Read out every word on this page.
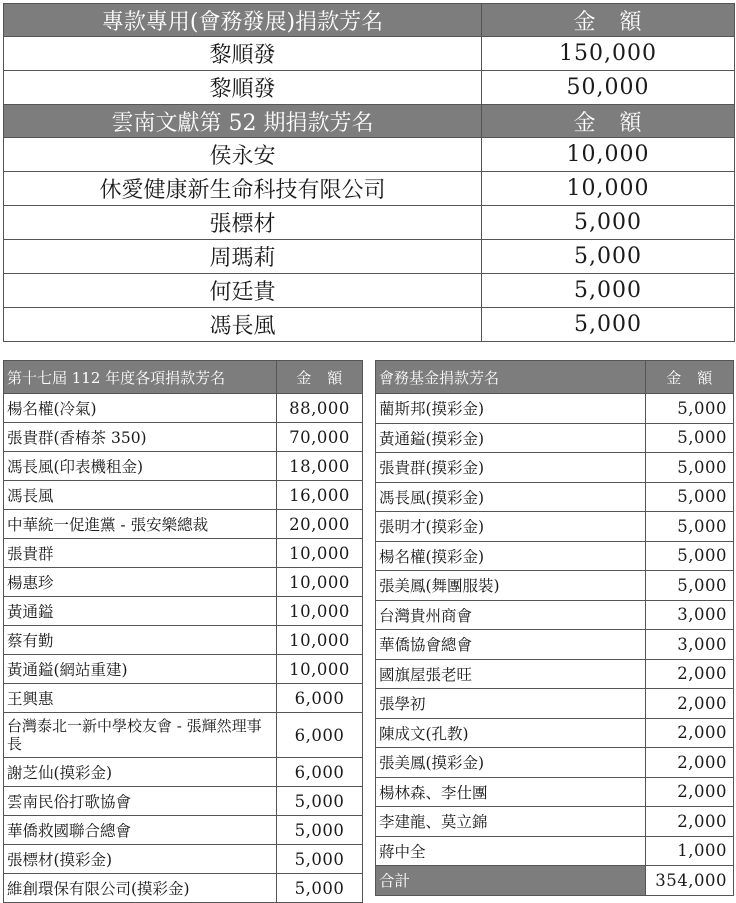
專款專用(會務發展)捐款芳名	金　額
黎順發	150,000
黎順發	50,000
雲南文獻第 52 期捐款芳名	金　額
侯永安	10,000
休愛健康新生命科技有限公司	10,000
張標材	5,000
周瑪莉	5,000
何廷貴	5,000
馮長風	5,000
第十七屆 112 年度各項捐款芳名	金　額
楊名權(冷氣)	88,000
張貴群(香椿茶 350)	70,000
馮長風(印表機租金)	18,000
馮長風	16,000
中華統一促進黨 - 張安樂總裁	20,000
張貴群	10,000
楊惠珍	10,000
黃通鎰	10,000
蔡有勤	10,000
黃通鎰(網站重建)	10,000
王興惠	6,000
台灣泰北一新中學校友會 - 張輝然理事長	6,000
謝芝仙(摸彩金)	6,000
雲南民俗打歌協會	5,000
華僑救國聯合總會	5,000
張標材(摸彩金)	5,000
維創環保有限公司(摸彩金)	5,000
會務基金捐款芳名	金　額
藺斯邦(摸彩金)	5,000
黃通鎰(摸彩金)	5,000
張貴群(摸彩金)	5,000
馮長風(摸彩金)	5,000
張明才(摸彩金)	5,000
楊名權(摸彩金)	5,000
張美鳳(舞團服裝)	5,000
台灣貴州商會	3,000
華僑協會總會	3,000
國旗屋張老旺	2,000
張學初	2,000
陳成文(孔教)	2,000
張美鳳(摸彩金)	2,000
楊林森、李仕團	2,000
李建龍、莫立錦	2,000
蔣中全	1,000
合計	354,000
